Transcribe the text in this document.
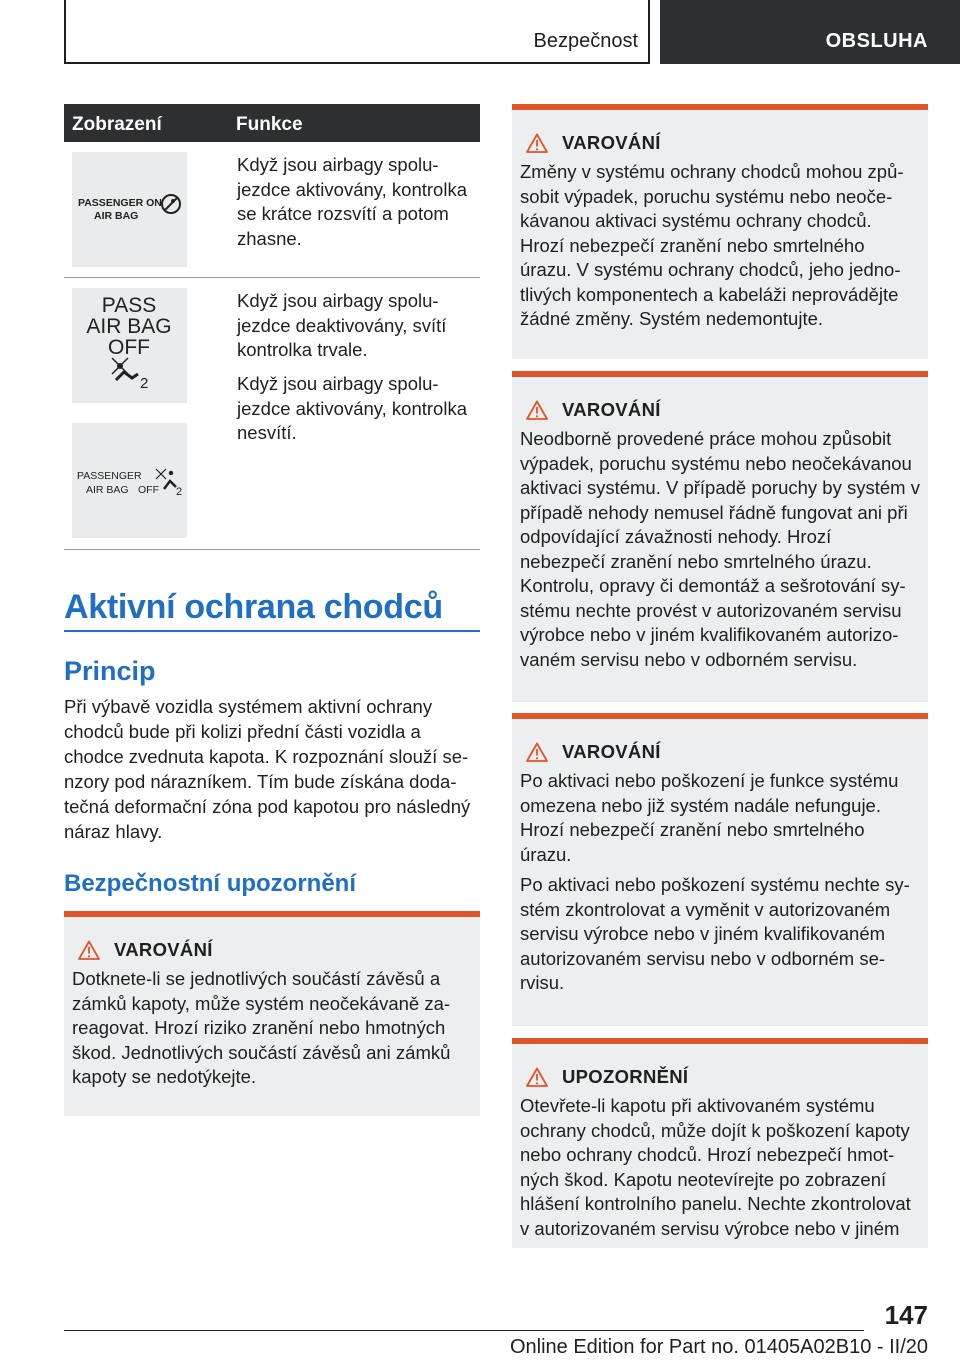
Bezpečnost	OBSLUHA
Zobrazení	Funkce
PASSENGER ON
AIR BAG
Když jsou airbagy spolujezdce aktivovány, kontrolka se krátce rozsvítí a potom zhasne.
PASS
AIR BAG
OFF
2
PASSENGER
AIR BAG OFF 2
Když jsou airbagy spolujezdce deaktivovány, svítí kontrolka trvale.
Když jsou airbagy spolujezdce aktivovány, kontrolka nesvítí.
Aktivní ochrana chodců
Princip
Při výbavě vozidla systémem aktivní ochrany chodců bude při kolizi přední části vozidla a chodce zvednuta kapota. K rozpoznání slouží senzory pod nárazníkem. Tím bude získána dodatečná deformační zóna pod kapotou pro následný náraz hlavy.
Bezpečnostní upozornění
VAROVÁNÍ

Dotknete-li se jednotlivých součástí závěsů a zámků kapoty, může systém neočekávaně zareagovat. Hrozí riziko zranění nebo hmotných škod. Jednotlivých součástí závěsů ani zámků kapoty se nedotýkejte.

VAROVÁNÍ

Změny v systému ochrany chodců mohou způsobit výpadek, poruchu systému nebo neočekávanou aktivaci systému ochrany chodců. Hrozí nebezpečí zranění nebo smrtelného úrazu. V systému ochrany chodců, jeho jednotlivých komponentech a kabeláži neprovádějte žádné změny. Systém nedemontujte.

VAROVÁNÍ

Neodborně provedené práce mohou způsobit výpadek, poruchu systému nebo neočekávanou aktivaci systému. V případě poruchy by systém v případě nehody nemusel řádně fungovat ani při odpovídající závažnosti nehody. Hrozí nebezpečí zranění nebo smrtelného úrazu. Kontrolu, opravy či demontáž a sešrotování systému nechte provést v autorizovaném servisu výrobce nebo v jiném kvalifikovaném autorizovaném servisu nebo v odborném servisu.

VAROVÁNÍ

Po aktivaci nebo poškození je funkce systému omezena nebo již systém nadále nefunguje. Hrozí nebezpečí zranění nebo smrtelného úrazu.

Po aktivaci nebo poškození systému nechte systém zkontrolovat a vyměnit v autorizovaném servisu výrobce nebo v jiném kvalifikovaném autorizovaném servisu nebo v odborném servisu.

UPOZORNĚNÍ

Otevřete-li kapotu při aktivovaném systému ochrany chodců, může dojít k poškození kapoty nebo ochrany chodců. Hrozí nebezpečí hmotných škod. Kapotu neotevírejte po zobrazení hlášení kontrolního panelu. Nechte zkontrolovat v autorizovaném servisu výrobce nebo v jiném

147
Online Edition for Part no. 01405A02B10 - II/20
